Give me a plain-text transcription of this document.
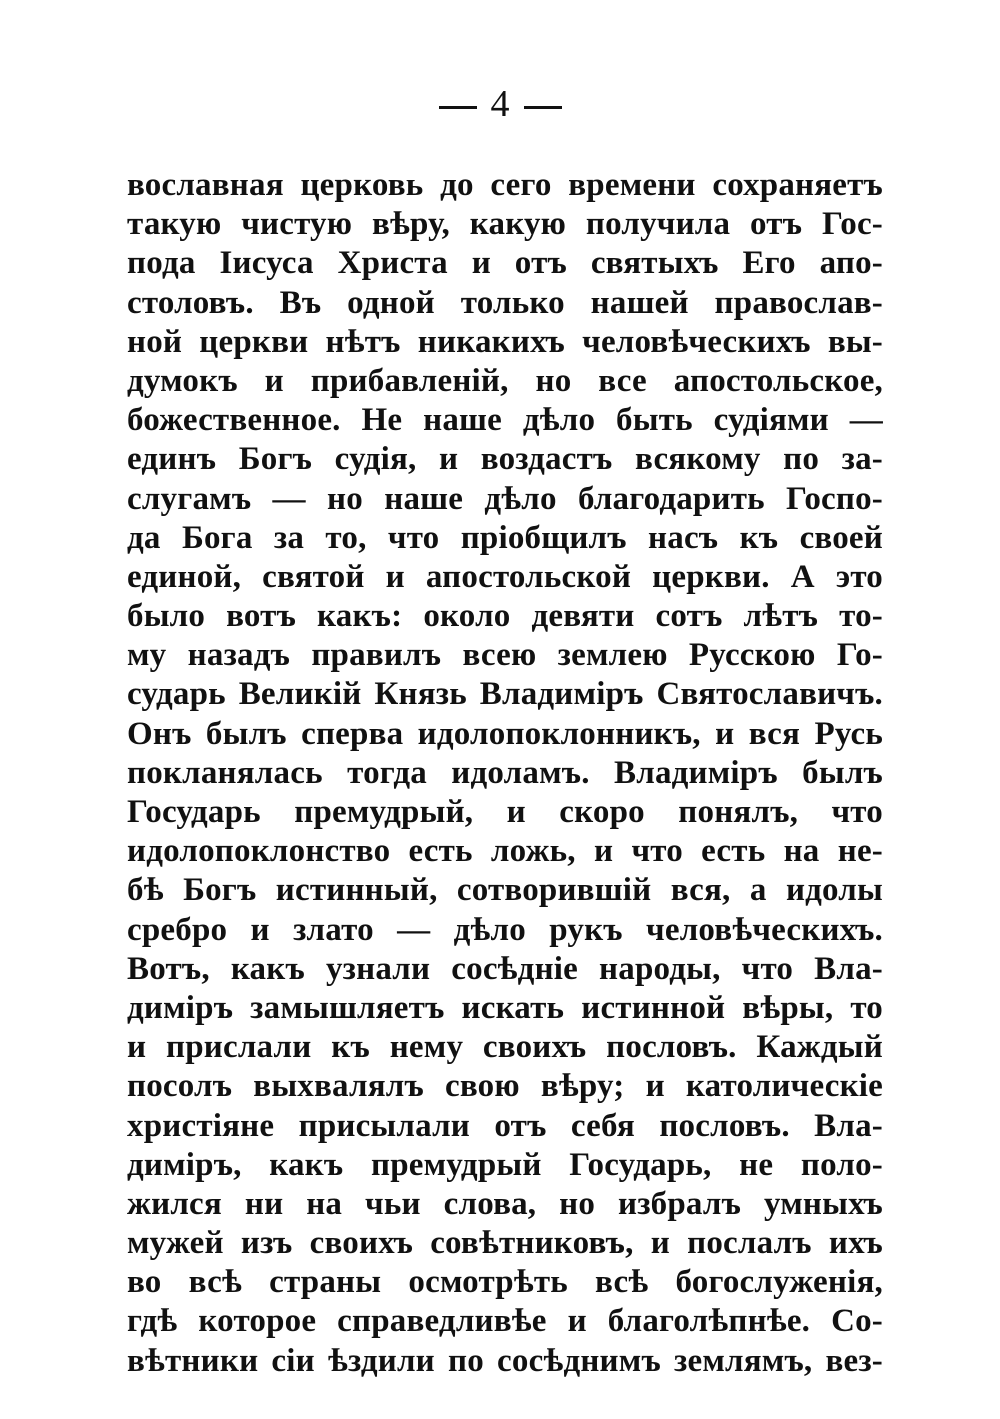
4
вославная церковь до сего времени сохраняетъ
такую чистую вѣру, какую получила отъ Гос-
пода Іисуса Христа и отъ святыхъ Его апо-
столовъ. Въ одной только нашей православ-
ной церкви нѣтъ никакихъ человѣческихъ вы-
думокъ и прибавленій, но все апостольское,
божественное. Не наше дѣло быть судіями —
единъ Богъ судія, и воздастъ всякому по за-
слугамъ — но наше дѣло благодарить Госпо-
да Бога за то, что пріобщилъ насъ къ своей
единой, святой и апостольской церкви. А это
было вотъ какъ: около девяти сотъ лѣтъ то-
му назадъ правилъ всею землею Русскою Го-
сударь Великій Князь Владиміръ Святославичъ.
Онъ былъ сперва идолопоклонникъ, и вся Русь
покланялась тогда идоламъ. Владиміръ былъ
Государь премудрый, и скоро понялъ, что
идолопоклонство есть ложь, и что есть на не-
бѣ Богъ истинный, сотворившій вся, а идолы
сребро и злато — дѣло рукъ человѣческихъ.
Вотъ, какъ узнали сосѣдніе народы, что Вла-
диміръ замышляетъ искать истинной вѣры, то
и прислали къ нему своихъ пословъ. Каждый
посолъ выхвалялъ свою вѣру; и католическіе
христіяне присылали отъ себя пословъ. Вла-
диміръ, какъ премудрый Государь, не поло-
жился ни на чьи слова, но избралъ умныхъ
мужей изъ своихъ совѣтниковъ, и послалъ ихъ
во всѣ страны осмотрѣть всѣ богослуженія,
гдѣ которое справедливѣе и благолѣпнѣе. Со-
вѣтники сіи ѣздили по сосѣднимъ землямъ, вез-
